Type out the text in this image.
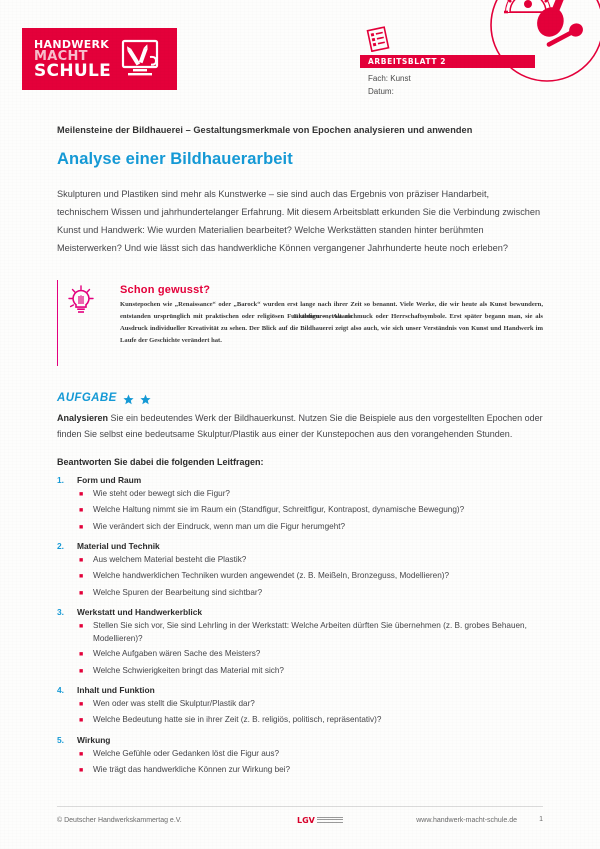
HANDWERK
MACHT
SCHULE	ARBEITSBLATT 2
Fach: Kunst
Datum:
Meilensteine der Bildhauerei – Gestaltungsmerkmale von Epochen analysieren und anwenden
Analyse einer Bildhauerarbeit
Skulpturen und Plastiken sind mehr als Kunstwerke – sie sind auch das Ergebnis von präziser Handarbeit, technischem Wissen und jahrhundertelanger Erfahrung. Mit diesem Arbeitsblatt erkunden Sie die Verbindung zwischen Kunst und Handwerk: Wie wurden Materialien bearbeitet? Welche Werkstätten standen hinter berühmten Meisterwerken? Und wie lässt sich das handwerkliche Können vergangener Jahrhunderte heute noch erleben?
Schon gewusst?
Kunstepochen wie „Renaissance“ oder „Barock“ wurden erst lange nach ihrer Zeit so benannt. Viele Werke, die wir heute als Kunst bewundern, entstanden ursprünglich mit praktischen oder religiösen Funktionen – etwa als Grabfiguren, Altarschmuck oder Herrschaftsymbole. Erst später begann man, sie als Ausdruck individueller Kreativität zu sehen. Der Blick auf die Bildhauerei zeigt also auch, wie sich unser Verständnis von Kunst und Handwerk im Laufe der Geschichte verändert hat.
AUFGABE
Analysieren Sie ein bedeutendes Werk der Bildhauerkunst. Nutzen Sie die Beispiele aus den vorgestellten Epochen oder finden Sie selbst eine bedeutsame Skulptur/Plastik aus einer der Kunstepochen aus den vorangehenden Stunden.
Beantworten Sie dabei die folgenden Leitfragen:
1.	Form und Raum
■	Wie steht oder bewegt sich die Figur?
■	Welche Haltung nimmt sie im Raum ein (Standfigur, Schreitfigur, Kontrapost, dynamische Bewegung)?
■	Wie verändert sich der Eindruck, wenn man um die Figur herumgeht?
2.	Material und Technik
■	Aus welchem Material besteht die Plastik?
■	Welche handwerklichen Techniken wurden angewendet (z. B. Meißeln, Bronzeguss, Modellieren)?
■	Welche Spuren der Bearbeitung sind sichtbar?
3.	Werkstatt und Handwerkerblick
■	Stellen Sie sich vor, Sie sind Lehrling in der Werkstatt: Welche Arbeiten dürften Sie übernehmen (z. B. grobes Behauen, Modellieren)?
■	Welche Aufgaben wären Sache des Meisters?
■	Welche Schwierigkeiten bringt das Material mit sich?
4.	Inhalt und Funktion
■	Wen oder was stellt die Skulptur/Plastik dar?
■	Welche Bedeutung hatte sie in ihrer Zeit (z. B. religiös, politisch, repräsentativ)?
5.	Wirkung
■	Welche Gefühle oder Gedanken löst die Figur aus?
■	Wie trägt das handwerkliche Können zur Wirkung bei?
© Deutscher Handwerkskammertag e.V.	LGV	www.handwerk-macht-schule.de	1
